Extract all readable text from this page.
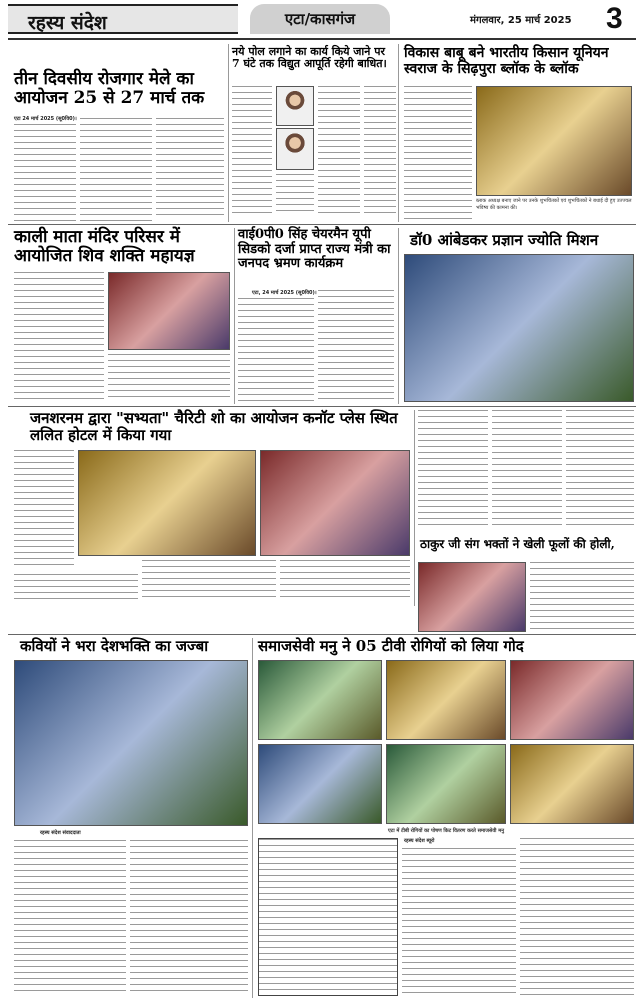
रहस्य संदेश	एटा/कासगंज	मंगलवार, 25 मार्च 2025 3
तीन दिवसीय रोजगार मेले का आयोजन 25 से 27 मार्च तक
एटा 24 मार्च 2025 (सू0वि0)।
नये पोल लगाने का कार्य किये जाने पर 7 घंटे तक विद्युत आपूर्ति रहेगी बाधित।
विकास बाबू बने भारतीय किसान यूनियन स्वराज के सिढ़पुरा ब्लॉक के ब्लॉक
ब्लाक अध्यक्ष बनाए जाने पर उनके शुभचिंतकों एवं शुभचिंतकों ने बधाई दी हुए उज्ज्वल भविष्य की कामना की।
काली माता मंदिर परिसर में आयोजित शिव शक्ति महायज्ञ
वाई0पी0 सिंह चेयरमैन यूपी सिडको दर्जा प्राप्त राज्य मंत्री का जनपद भ्रमण कार्यक्रम
एटा, 24 मार्च 2025 (सू0वि0)।
डॉ0 आंबेडकर प्रज्ञान ज्योति मिशन
जनशरनम द्वारा "सभ्यता" चैरिटी शो का आयोजन कनॉट प्लेस स्थित ललित होटल में किया गया
ठाकुर जी संग भक्तों ने खेली फूलों की होली,
कवियों ने भरा देशभक्ति का जज्बा
रहस्य संदेश संवाददाता
समाजसेवी मनु ने 05 टीवी रोगियों को लिया गोद
एटा में टीबी रोगियों का पोषण किट वितरण करते समाजसेवी मनु
रहस्य संदेश ब्यूरो
